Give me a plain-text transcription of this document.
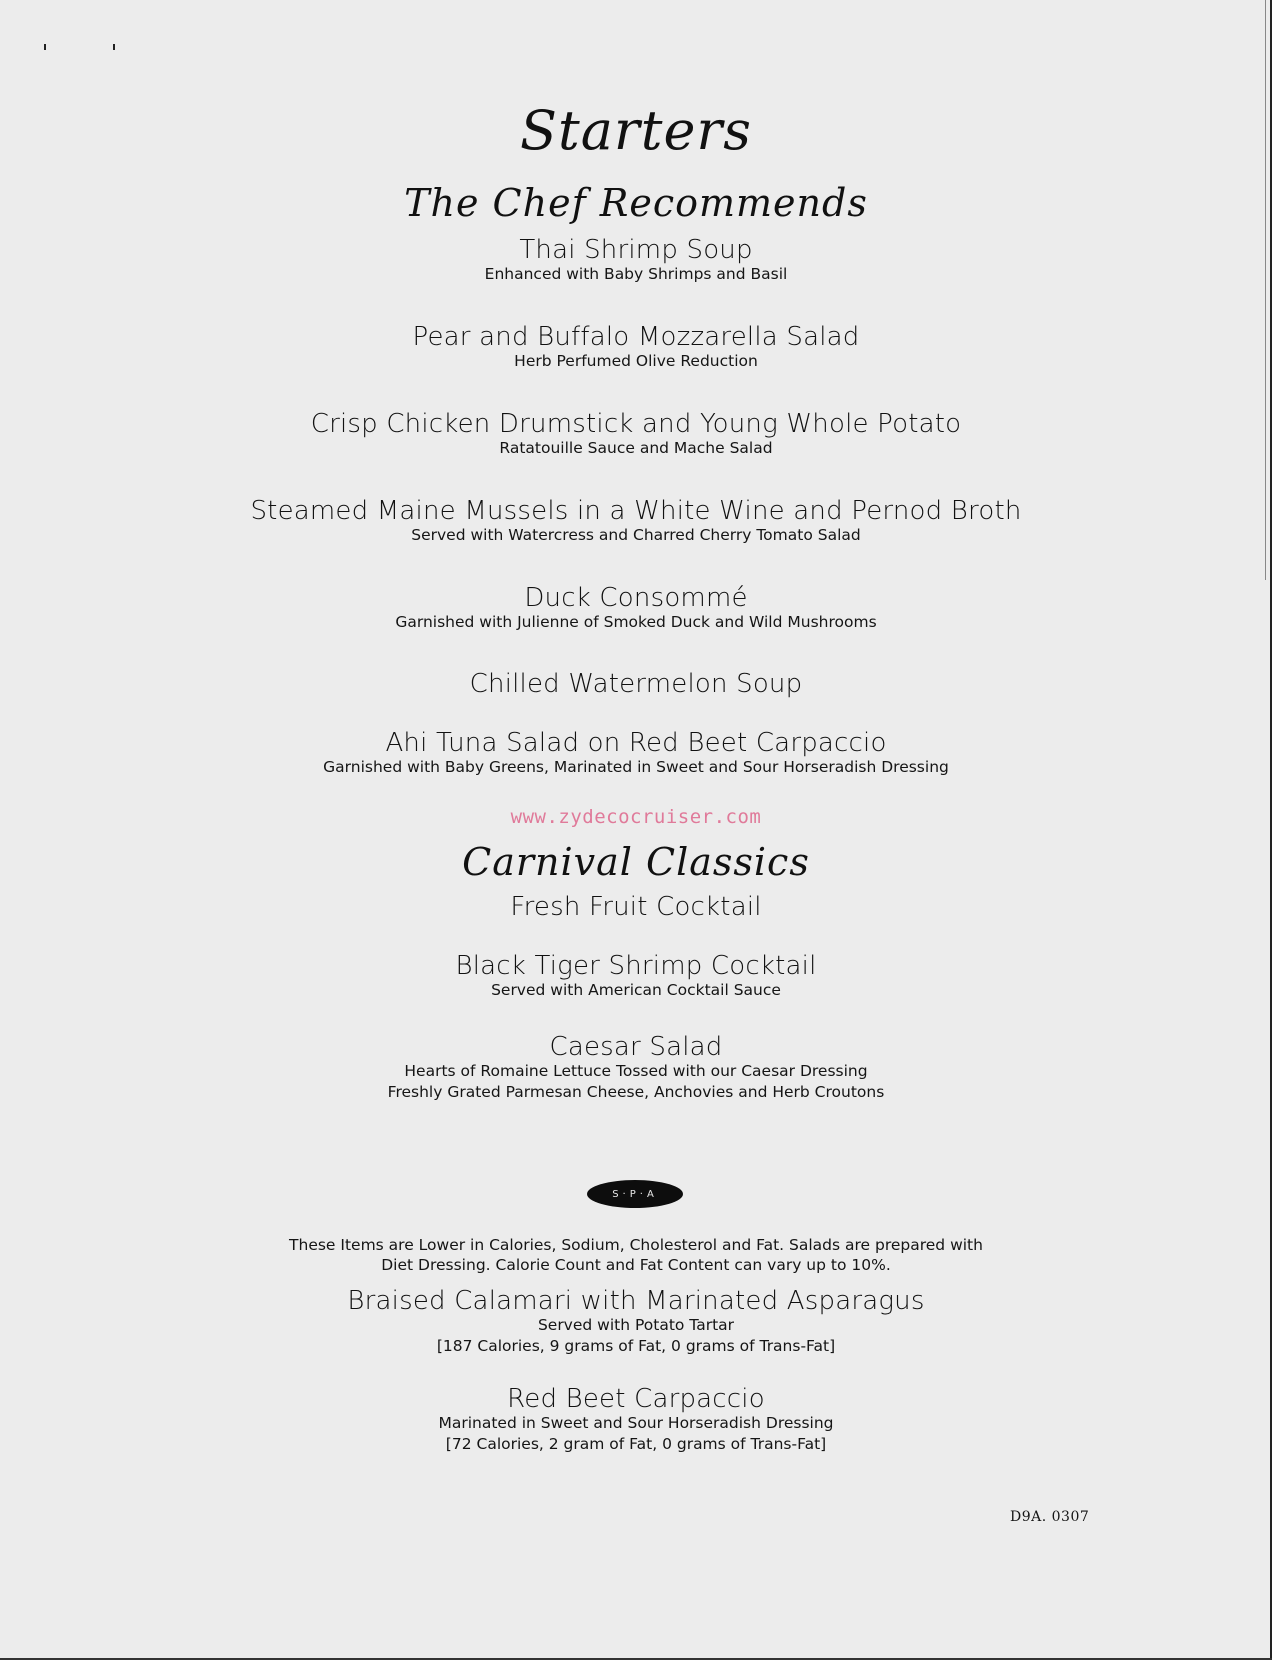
Starters
The Chef Recommends
Thai Shrimp Soup
Enhanced with Baby Shrimps and Basil
Pear and Buffalo Mozzarella Salad
Herb Perfumed Olive Reduction
Crisp Chicken Drumstick and Young Whole Potato
Ratatouille Sauce and Mache Salad
Steamed Maine Mussels in a White Wine and Pernod Broth
Served with Watercress and Charred Cherry Tomato Salad
Duck Consommé
Garnished with Julienne of Smoked Duck and Wild Mushrooms
Chilled Watermelon Soup
Ahi Tuna Salad on Red Beet Carpaccio
Garnished with Baby Greens, Marinated in Sweet and Sour Horseradish Dressing
www.zydecocruiser.com
Carnival Classics
Fresh Fruit Cocktail
Black Tiger Shrimp Cocktail
Served with American Cocktail Sauce
Caesar Salad
Hearts of Romaine Lettuce Tossed with our Caesar Dressing
Freshly Grated Parmesan Cheese, Anchovies and Herb Croutons
S·P·A
These Items are Lower in Calories, Sodium, Cholesterol and Fat. Salads are prepared with
Diet Dressing. Calorie Count and Fat Content can vary up to 10%.
Braised Calamari with Marinated Asparagus
Served with Potato Tartar
[187 Calories, 9 grams of Fat, 0 grams of Trans-Fat]
Red Beet Carpaccio
Marinated in Sweet and Sour Horseradish Dressing
[72 Calories, 2 gram of Fat, 0 grams of Trans-Fat]
D9A. 0307
